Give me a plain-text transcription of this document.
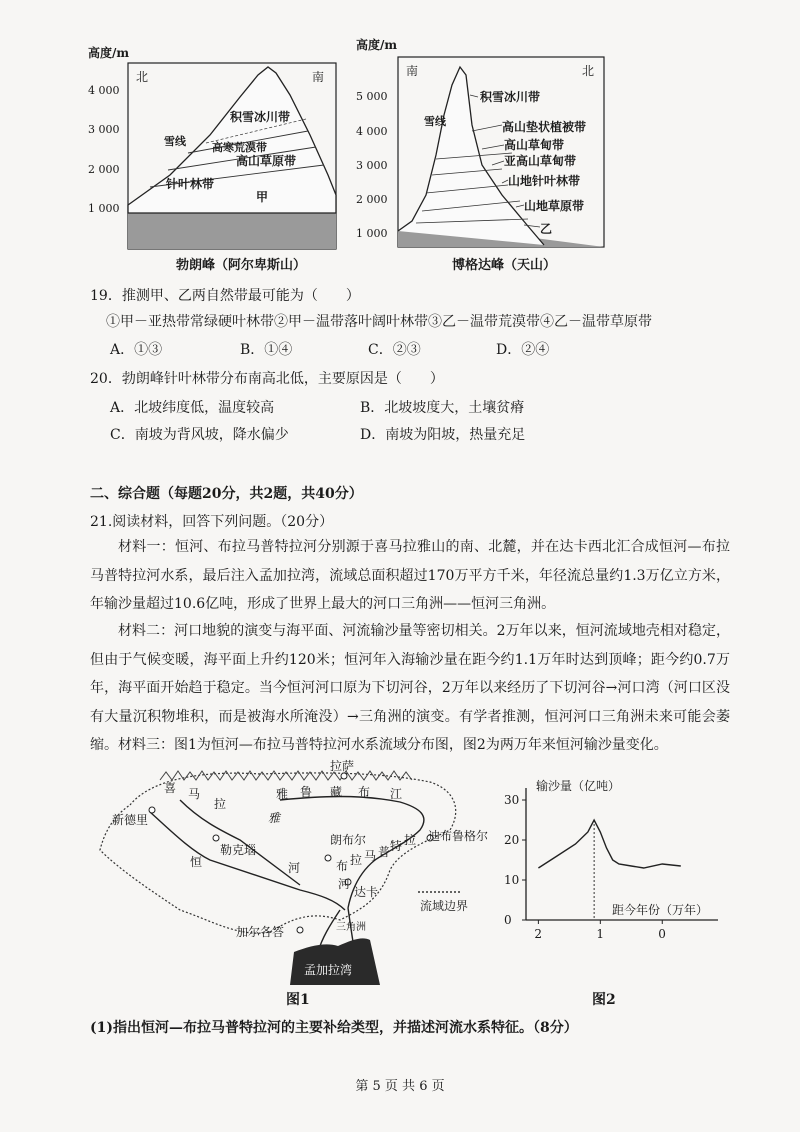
高度/m
4 000
3 000
2 000
1 000
北	南
积雪冰川带
雪线 高寒荒漠带
高山草原带
针叶林带
甲
勃朗峰（阿尔卑斯山）
高度/m
5 000
4 000
3 000
2 000
1 000
南	北
积雪冰川带
雪线	高山垫状植被带
高山草甸带
亚高山草甸带
山地针叶林带
山地草原带
乙
博格达峰（天山）
19．推测甲、乙两自然带最可能为（　　）
①甲－亚热带常绿硬叶林带②甲－温带落叶阔叶林带③乙－温带荒漠带④乙－温带草原带
A．①③	B．①④	C．②③	D．②④
20．勃朗峰针叶林带分布南高北低，主要原因是（　　）
A．北坡纬度低，温度较高	B．北坡坡度大，土壤贫瘠
C．南坡为背风坡，降水偏少	D．南坡为阳坡，热量充足
二、综合题（每题20分，共2题，共40分）
21.阅读材料，回答下列问题。（20分）
材料一：恒河、布拉马普特拉河分别源于喜马拉雅山的南、北麓，并在达卡西北汇合成恒河—布拉马普特拉河水系，最后注入孟加拉湾，流域总面积超过170万平方千米，年径流总量约1.3万亿立方米，年输沙量超过10.6亿吨，形成了世界上最大的河口三角洲——恒河三角洲。
材料二：河口地貌的演变与海平面、河流输沙量等密切相关。2万年以来，恒河流域地壳相对稳定，但由于气候变暖，海平面上升约120米；恒河年入海输沙量在距今约1.1万年时达到顶峰；距今约0.7万年，海平面开始趋于稳定。当今恒河河口原为下切河谷，2万年以来经历了下切河谷→河口湾（河口区没有大量沉积物堆积，而是被海水所淹没）→三角洲的演变。有学者推测，恒河河口三角洲未来可能会萎缩。 材料三：图1为恒河—布拉马普特拉河水系流域分布图，图2为两万年来恒河输沙量变化。
喜 马
拉
雅
拉萨
雅 鲁 藏 布 江
新德里
勒克瑙
恒	河
朗布尔	迪布鲁格尔
布 拉 马 普 特 拉
河
达卡
加尔各答	三角洲
孟加拉湾
流域边界
图1
输沙量（亿吨）
距今年份（万年）
30
20
10
0
2	1	0
图2
(1)指出恒河—布拉马普特拉河的主要补给类型，并描述河流水系特征。（8分）
第 5 页 共 6 页
